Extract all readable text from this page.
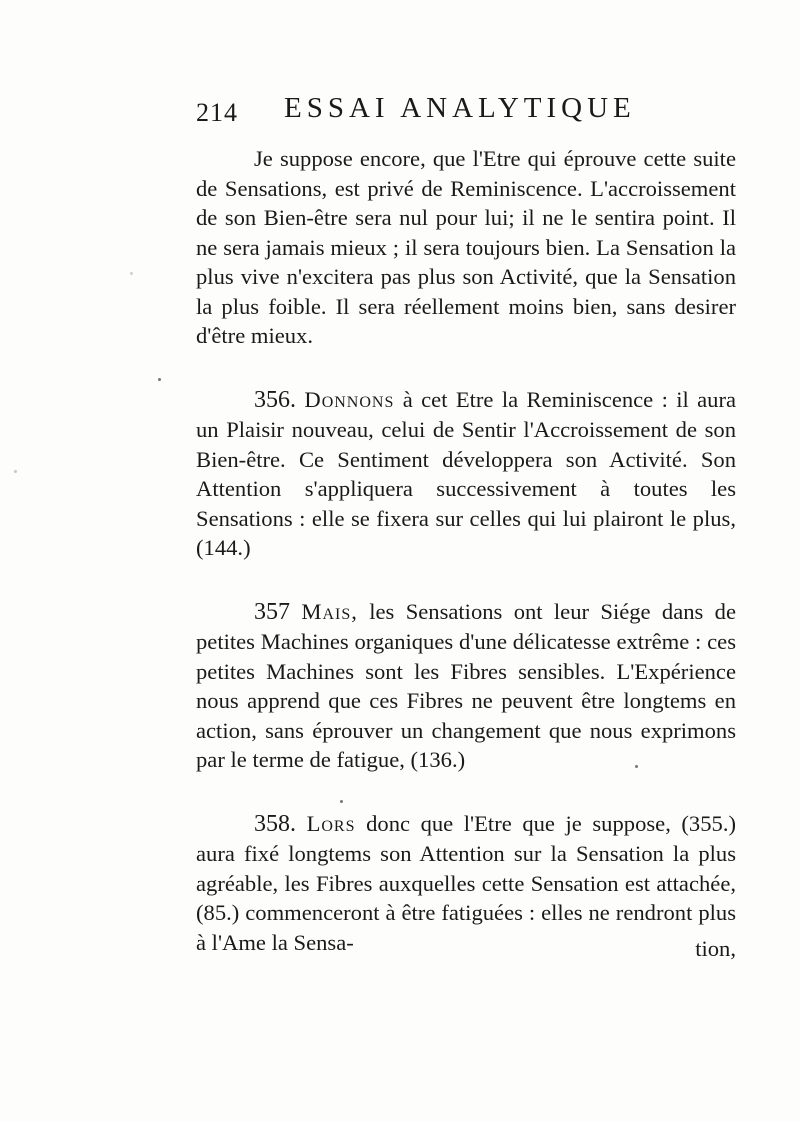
214 ESSAI ANALYTIQUE

Je suppose encore, que l'Etre qui éprouve cette suite de Sensations, est privé de Reminiscence. L'accroissement de son Bien-être sera nul pour lui; il ne le sentira point. Il ne sera jamais mieux ; il sera toujours bien. La Sensation la plus vive n'excitera pas plus son Activité, que la Sensation la plus foible. Il sera réellement moins bien, sans desirer d'être mieux.

356. Donnons à cet Etre la Reminiscence : il aura un Plaisir nouveau, celui de Sentir l'Accroissement de son Bien-être. Ce Sentiment développera son Activité. Son Attention s'appliquera successivement à toutes les Sensations : elle se fixera sur celles qui lui plairont le plus, (144.)

357 Mais, les Sensations ont leur Siége dans de petites Machines organiques d'une délicatesse extrême : ces petites Machines sont les Fibres sensibles. L'Expérience nous apprend que ces Fibres ne peuvent être longtems en action, sans éprouver un changement que nous exprimons par le terme de fatigue, (136.)

358. Lors donc que l'Etre que je suppose, (355.) aura fixé longtems son Attention sur la Sensation la plus agréable, les Fibres auxquelles cette Sensation est attachée, (85.) commenceront à être fatiguées : elles ne rendront plus à l'Ame la Sensa-	tion,
